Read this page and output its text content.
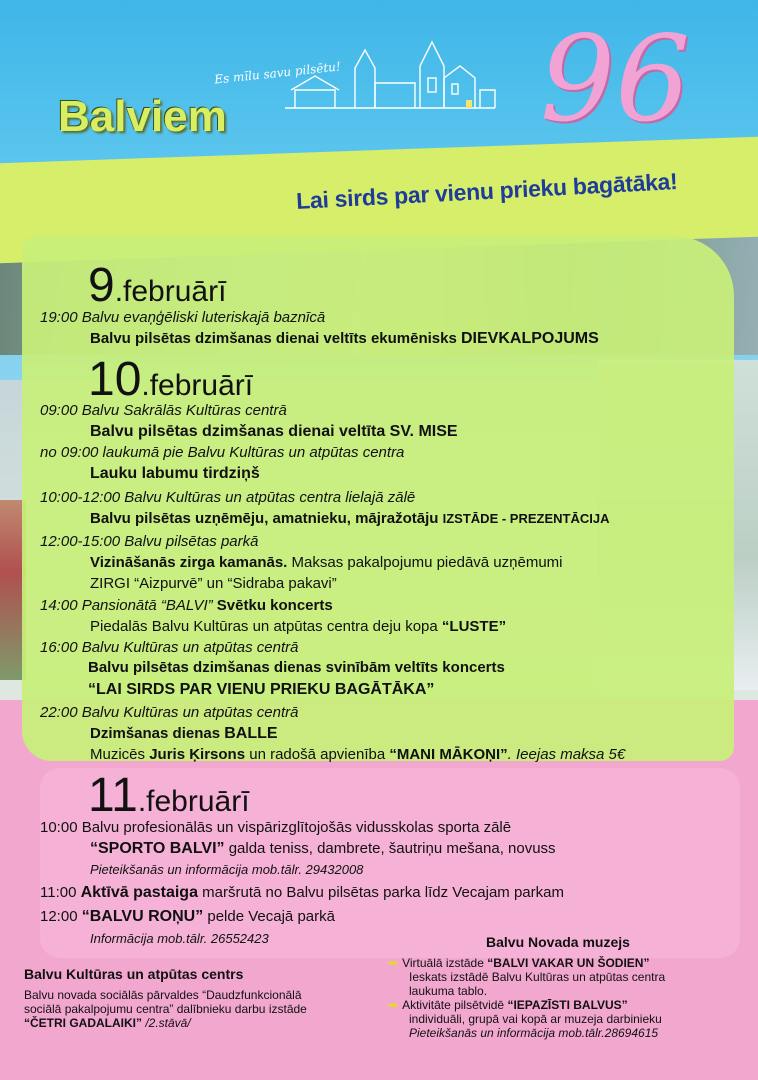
Es mīlu savu pilsētu!
Balviem	96
Lai sirds par vienu prieku bagātāka!
9.februārī
19:00 Balvu evaņģēliski luteriskajā baznīcā
Balvu pilsētas dzimšanas dienai veltīts ekumēnisks DIEVKALPOJUMS
10.februārī
09:00 Balvu Sakrālās Kultūras centrā
Balvu pilsētas dzimšanas dienai veltīta SV. MISE
no 09:00 laukumā pie Balvu Kultūras un atpūtas centra
Lauku labumu tirdziņš
10:00-12:00 Balvu Kultūras un atpūtas centra lielajā zālē
Balvu pilsētas uzņēmēju, amatnieku, mājražotāju IZSTĀDE - PREZENTĀCIJA
12:00-15:00 Balvu pilsētas parkā
Vizināšanās zirga kamanās. Maksas pakalpojumu piedāvā uzņēmumi
ZIRGI “Aizpurvē” un “Sidraba pakavi”
14:00 Pansionātā “BALVI” Svētku koncerts
Piedalās Balvu Kultūras un atpūtas centra deju kopa “LUSTE”
16:00 Balvu Kultūras un atpūtas centrā
Balvu pilsētas dzimšanas dienas svinībām veltīts koncerts
“LAI SIRDS PAR VIENU PRIEKU BAGĀTĀKA”
22:00 Balvu Kultūras un atpūtas centrā
Dzimšanas dienas BALLE
Muzicēs Juris Ķirsons un radošā apvienība “MANI MĀKOŅI”. Ieejas maksa 5€
11.februārī
10:00 Balvu profesionālās un vispārizglītojošās vidusskolas sporta zālē
“SPORTO BALVI” galda teniss, dambrete, šautriņu mešana, novuss
Pieteikšanās un informācija mob.tālr. 29432008
11:00 Aktīvā pastaiga maršrutā no Balvu pilsētas parka līdz Vecajam parkam
12:00 “BALVU ROŅU” pelde Vecajā parkā
Informācija mob.tālr. 26552423
Balvu Kultūras un atpūtas centrs
Balvu novada sociālās pārvaldes “Daudzfunkcionālā
sociālā pakalpojumu centra” dalībnieku darbu izstāde
“ČETRI GADALAIKI” /2.stāvā/
Balvu Novada muzejs
➥ Virtuālā izstāde “BALVI VAKAR UN ŠODIEN”
Ieskats izstādē Balvu Kultūras un atpūtas centra
laukuma tablo.
➥ Aktivitāte pilsētvidē “IEPAZĪSTI BALVUS”
individuāli, grupā vai kopā ar muzeja darbinieku
Pieteikšanās un informācija mob.tālr.28694615
